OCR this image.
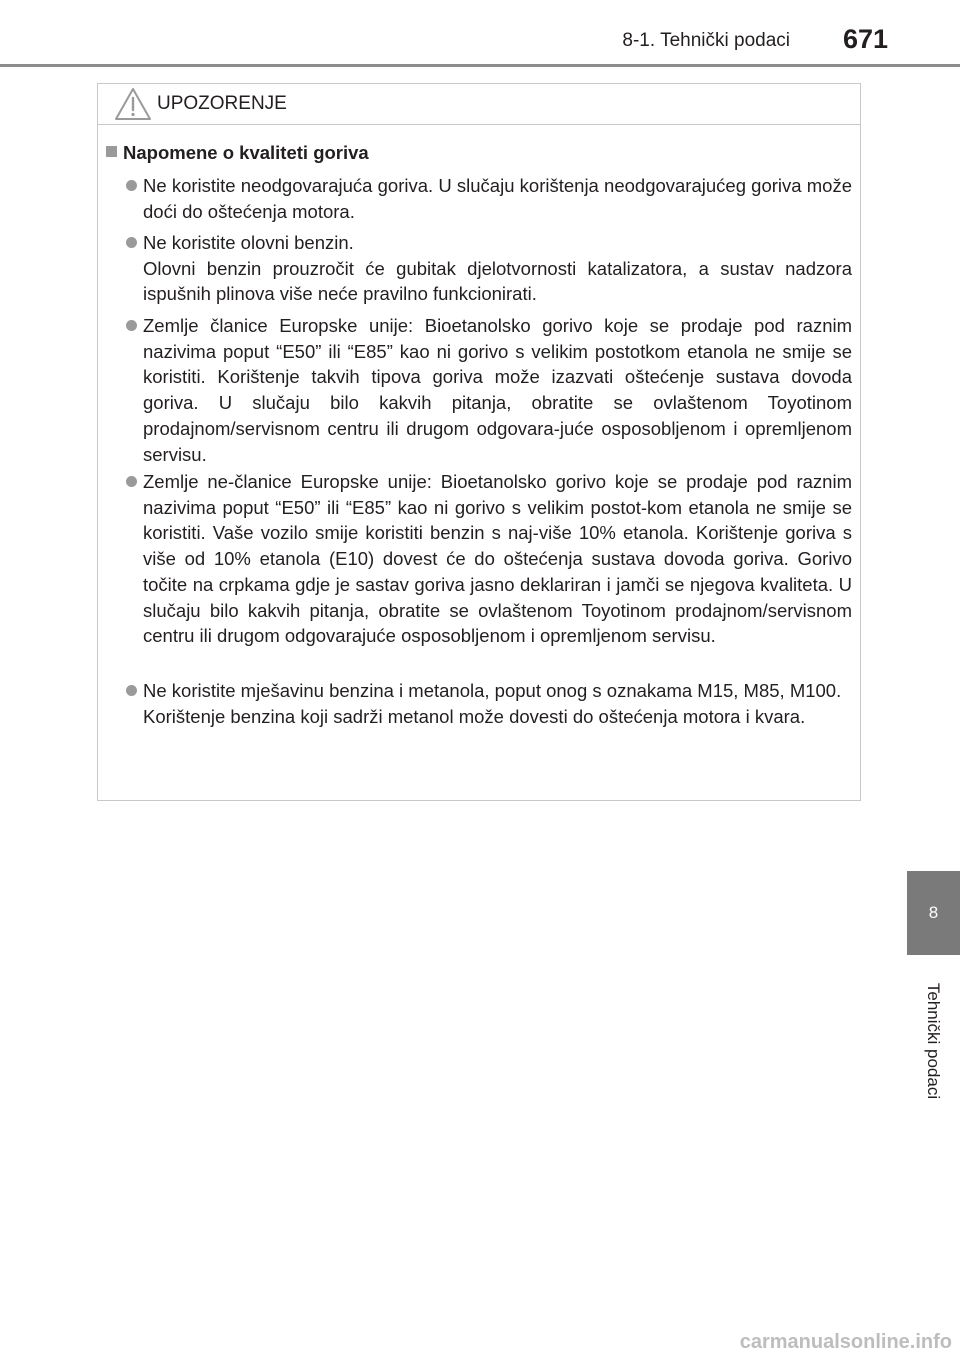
8-1. Tehnički podaci 671
UPOZORENJE
Napomene o kvaliteti goriva

Ne koristite neodgovarajuća goriva. U slučaju korištenja neodgovarajućeg goriva može doći do oštećenja motora.

Ne koristite olovni benzin.

Olovni benzin prouzročit će gubitak djelotvornosti katalizatora, a sustav nadzora ispušnih plinova više neće pravilno funkcionirati.

Zemlje članice Europske unije: Bioetanolsko gorivo koje se prodaje pod raznim nazivima poput “E50” ili “E85” kao ni gorivo s velikim postotkom etanola ne smije se koristiti. Korištenje takvih tipova goriva može izazvati oštećenje sustava dovoda goriva. U slučaju bilo kakvih pitanja, obratite se ovlaštenom Toyotinom prodajnom/servisnom centru ili drugom odgovara-juće osposobljenom i opremljenom servisu.

Zemlje ne-članice Europske unije: Bioetanolsko gorivo koje se prodaje pod raznim nazivima poput “E50” ili “E85” kao ni gorivo s velikim postot-kom etanola ne smije se koristiti. Vaše vozilo smije koristiti benzin s naj-više 10% etanola. Korištenje goriva s više od 10% etanola (E10) dovest će do oštećenja sustava dovoda goriva. Gorivo točite na crpkama gdje je sastav goriva jasno deklariran i jamči se njegova kvaliteta. U slučaju bilo kakvih pitanja, obratite se ovlaštenom Toyotinom prodajnom/servisnom centru ili drugom odgovarajuće osposobljenom i opremljenom servisu.

Ne koristite mješavinu benzina i metanola, poput onog s oznakama M15, M85, M100.

Korištenje benzina koji sadrži metanol može dovesti do oštećenja motora i kvara.

8
Tehnički podaci
carmanualsonline.info
